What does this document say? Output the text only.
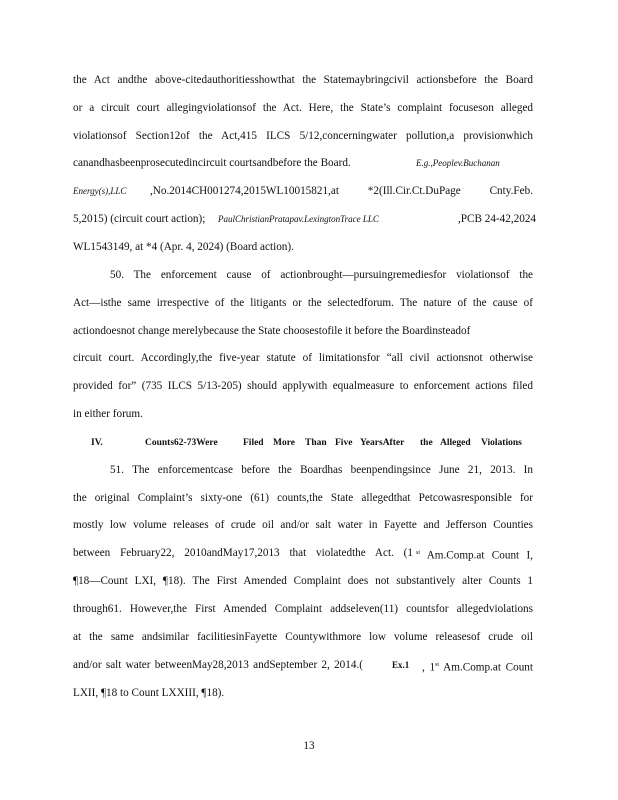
the Act andthe above-citedauthoritiesshowthat the Statemaybringcivil actionsbefore the Board
or a circuit court allegingviolationsof the Act. Here, the State’s complaint focuseson alleged
violationsof Section12of the Act,415 ILCS 5/12,concerningwater pollution,a provisionwhich
canandhasbeenprosecutedincircuit courtsandbefore the Board.	E.g.,Peoplev.Buchanan
Energy(s),LLC	,No.2014CH001274,2015WL10015821,at *2(Ill.Cir.Ct.DuPage Cnty.Feb.
5,2015) (circuit court action);	PaulChristianPratapav.LexingtonTrace LLC	,PCB 24-42,2024
WL1543149, at *4 (Apr. 4, 2024) (Board action).
50. The enforcement cause of actionbrought—pursuingremediesfor violationsof the
Act—isthe same irrespective of the litigants or the selectedforum. The nature of the cause of
actiondoesnot change merelybecause the State choosestofile it before the Boardinsteadof
circuit court. Accordingly,the five-year statute of limitationsfor “all civil actionsnot otherwise
provided for” (735 ILCS 5/13-205) should applywith equalmeasure to enforcement actions filed
in either forum.
IV.	Counts62-73Were	Filed More Than Five YearsAfter the Alleged Violations
51. The enforcementcase before the Boardhas beenpendingsince June 21, 2013. In
the original Complaint’s sixty-one (61) counts,the State allegedthat Petcowasresponsible for
mostly low volume releases of crude oil and/or salt water in Fayette and Jefferson Counties
between February22, 2010andMay17,2013 that violatedthe Act. (1 $^{st}$ Am.Comp.at Count I,
¶18—Count LXI, ¶18). The First Amended Complaint does not substantively alter Counts 1
through61. However,the First Amended Complaint addseleven(11) countsfor allegedviolations
at the same andsimilar facilitiesinFayette Countywithmore low volume releasesof crude oil
and/or salt water betweenMay28,2013 andSeptember 2, 2014.(	Ex.1	, 1st Am.Comp.at Count
LXII, ¶18 to Count LXXIII, ¶18).
13
